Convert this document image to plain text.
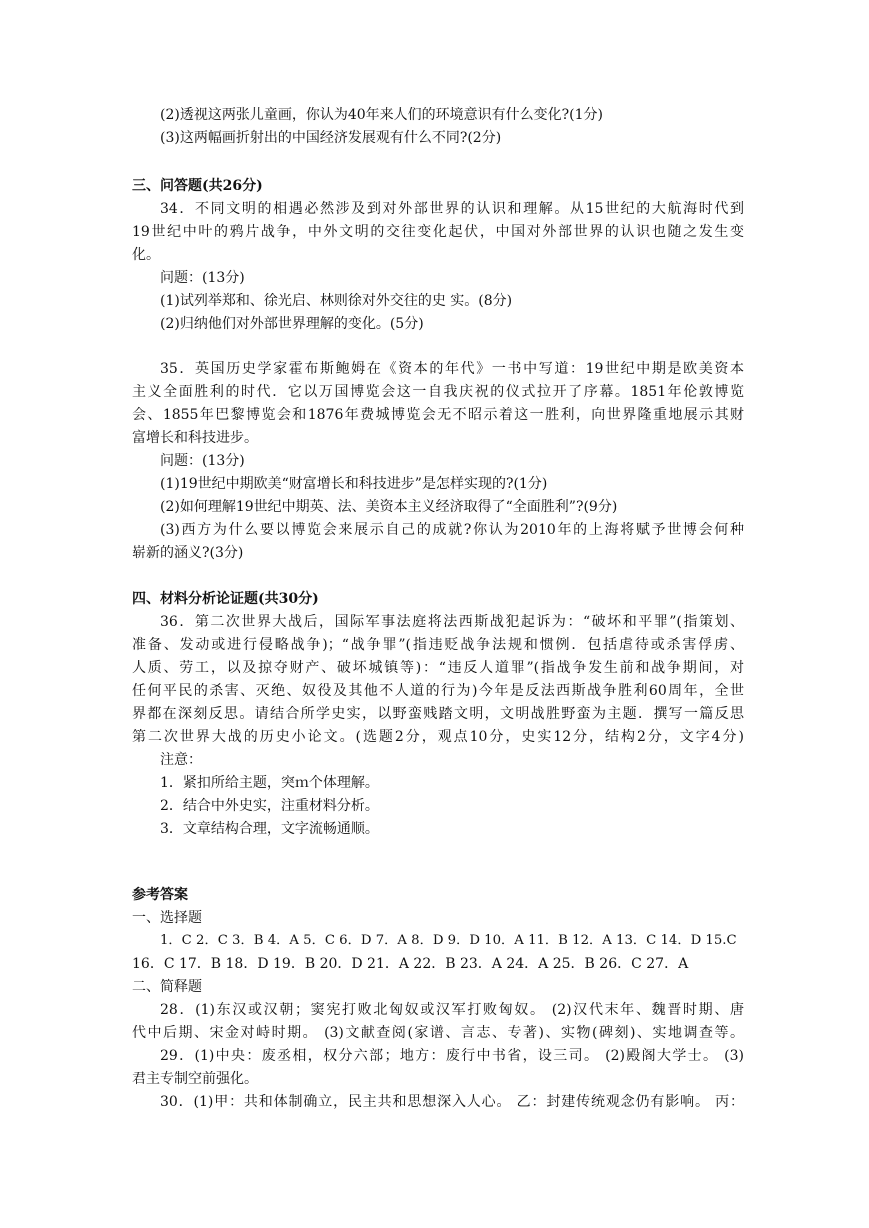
(2)透视这两张儿童画，你认为40年来人们的环境意识有什么变化?(1分)
(3)这两幅画折射出的中国经济发展观有什么不同?(2分)
三、问答题(共26分)
34．不同文明的相遇必然涉及到对外部世界的认识和理解。从15世纪的大航海时代到
19世纪中叶的鸦片战争，中外文明的交往变化起伏，中国对外部世界的认识也随之发生变
化。
问题：(13分)
(1)试列举郑和、徐光启、林则徐对外交往的史 实。(8分)
(2)归纳他们对外部世界理解的变化。(5分)
35．英国历史学家霍布斯鲍姆在《资本的年代》一书中写道：19世纪中期是欧美资本
主义全面胜利的时代．它以万国博览会这一自我庆祝的仪式拉开了序幕。1851年伦敦博览
会、1855年巴黎博览会和1876年费城博览会无不昭示着这一胜利，向世界隆重地展示其财
富增长和科技进步。
问题：(13分)
(1)19世纪中期欧美“财富增长和科技进步”是怎样实现的?(1分)
(2)如何理解19世纪中期英、法、美资本主义经济取得了“全面胜利”?(9分)
(3)西方为什么要以博览会来展示自己的成就?你认为2010年的上海将赋予世博会何种
崭新的涵义?(3分)
四、材料分析论证题(共30分)
36．第二次世界大战后，国际军事法庭将法西斯战犯起诉为：“破坏和平罪”(指策划、
准备、发动或进行侵略战争)；“战争罪”(指违贬战争法规和惯例．包括虐待或杀害俘虏、
人质、劳工，以及掠夺财产、破坏城镇等)：“违反人道罪”(指战争发生前和战争期间，对
任何平民的杀害、灭绝、奴役及其他不人道的行为)今年是反法西斯战争胜利60周年，全世
界都在深刻反思。请结合所学史实，以野蛮贱踏文明，文明战胜野蛮为主题．撰写一篇反思
第二次世界大战的历史小论文。(选题2分，观点10分，史实12分，结构2分，文字4分)
注意：
1．紧扣所给主题，突ｍ个体理解。
2．结合中外史实，注重材料分析。
3．文章结构合理，文字流畅通顺。
参考答案
一、选择题
1．C 2．C 3．B 4．A 5．C 6．D 7．A 8．D 9．D 10．A 11．B 12．A 13．C 14．D 15.C
16．C 17．B 18．D 19．B 20．D 21．A 22．B 23．A 24．A 25．B 26．C 27．A
二、简释题
28．(1)东汉或汉朝；窦宪打败北匈奴或汉军打败匈奴。 (2)汉代末年、魏晋时期、唐
代中后期、宋金对峙时期。 (3)文献查阅(家谱、言志、专著)、实物(碑刻)、实地调查等。
29．(1)中央：废丞相，权分六部；地方：废行中书省，设三司。 (2)殿阁大学士。 (3)
君主专制空前强化。
30．(1)甲：共和体制确立，民主共和思想深入人心。 乙：封建传统观念仍有影响。 丙：
